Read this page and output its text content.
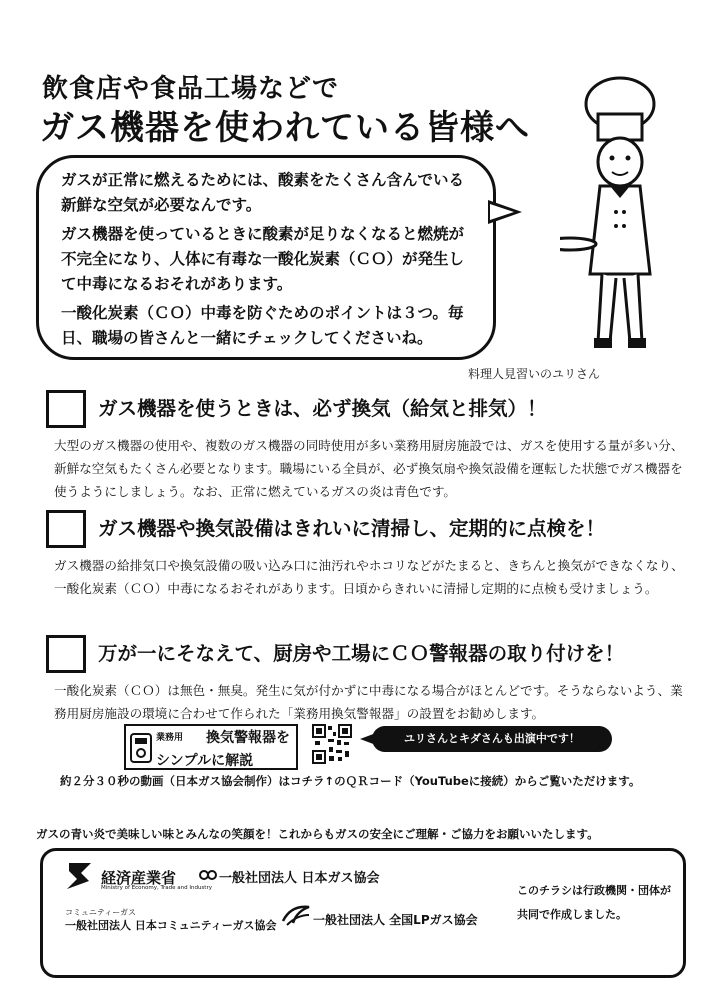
飲食店や食品工場などで
ガス機器を使われている皆様へ

ガスが正常に燃えるためには、酸素をたくさん含んでいる新鮮な空気が必要なんです。

ガス機器を使っているときに酸素が足りなくなると燃焼が不完全になり、人体に有毒な一酸化炭素（ＣＯ）が発生して中毒になるおそれがあります。

一酸化炭素（ＣＯ）中毒を防ぐためのポイントは３つ。毎日、職場の皆さんと一緒にチェックしてくださいね。

料理人見習いのユリさん
ガス機器を使うときは、必ず換気（給気と排気）！
大型のガス機器の使用や、複数のガス機器の同時使用が多い業務用厨房施設では、ガスを使用する量が多い分、新鮮な空気もたくさん必要となります。職場にいる全員が、必ず換気扇や換気設備を運転した状態でガス機器を使うようにしましょう。なお、正常に燃えているガスの炎は青色です。
ガス機器や換気設備はきれいに清掃し、定期的に点検を！
ガス機器の給排気口や換気設備の吸い込み口に油汚れやホコリなどがたまると、きちんと換気ができなくなり、一酸化炭素（ＣＯ）中毒になるおそれがあります。日頃からきれいに清掃し定期的に点検も受けましょう。
万が一にそなえて、厨房や工場にＣＯ警報器の取り付けを！
一酸化炭素（ＣＯ）は無色・無臭。発生に気が付かずに中毒になる場合がほとんどです。そうならないよう、業務用厨房施設の環境に合わせて作られた「業務用換気警報器」の設置をお勧めします。
業務用 換気警報器を
シンプルに解説
ユリさんとキダさんも出演中です！
約２分３０秒の動画（日本ガス協会制作）はコチラ↑のＱＲコード（YouTubeに接続）からご覧いただけます。
ガスの青い炎で美味しい味とみんなの笑顔を！これからもガスの安全にご理解・ご協力をお願いいたします。
経済産業省
Ministry of Economy, Trade and Industry
一般社団法人 日本ガス協会
コミュニティーガス
一般社団法人 日本コミュニティーガス協会	一般社団法人 全国LPガス協会
このチラシは行政機関・団体が共同で作成しました。
